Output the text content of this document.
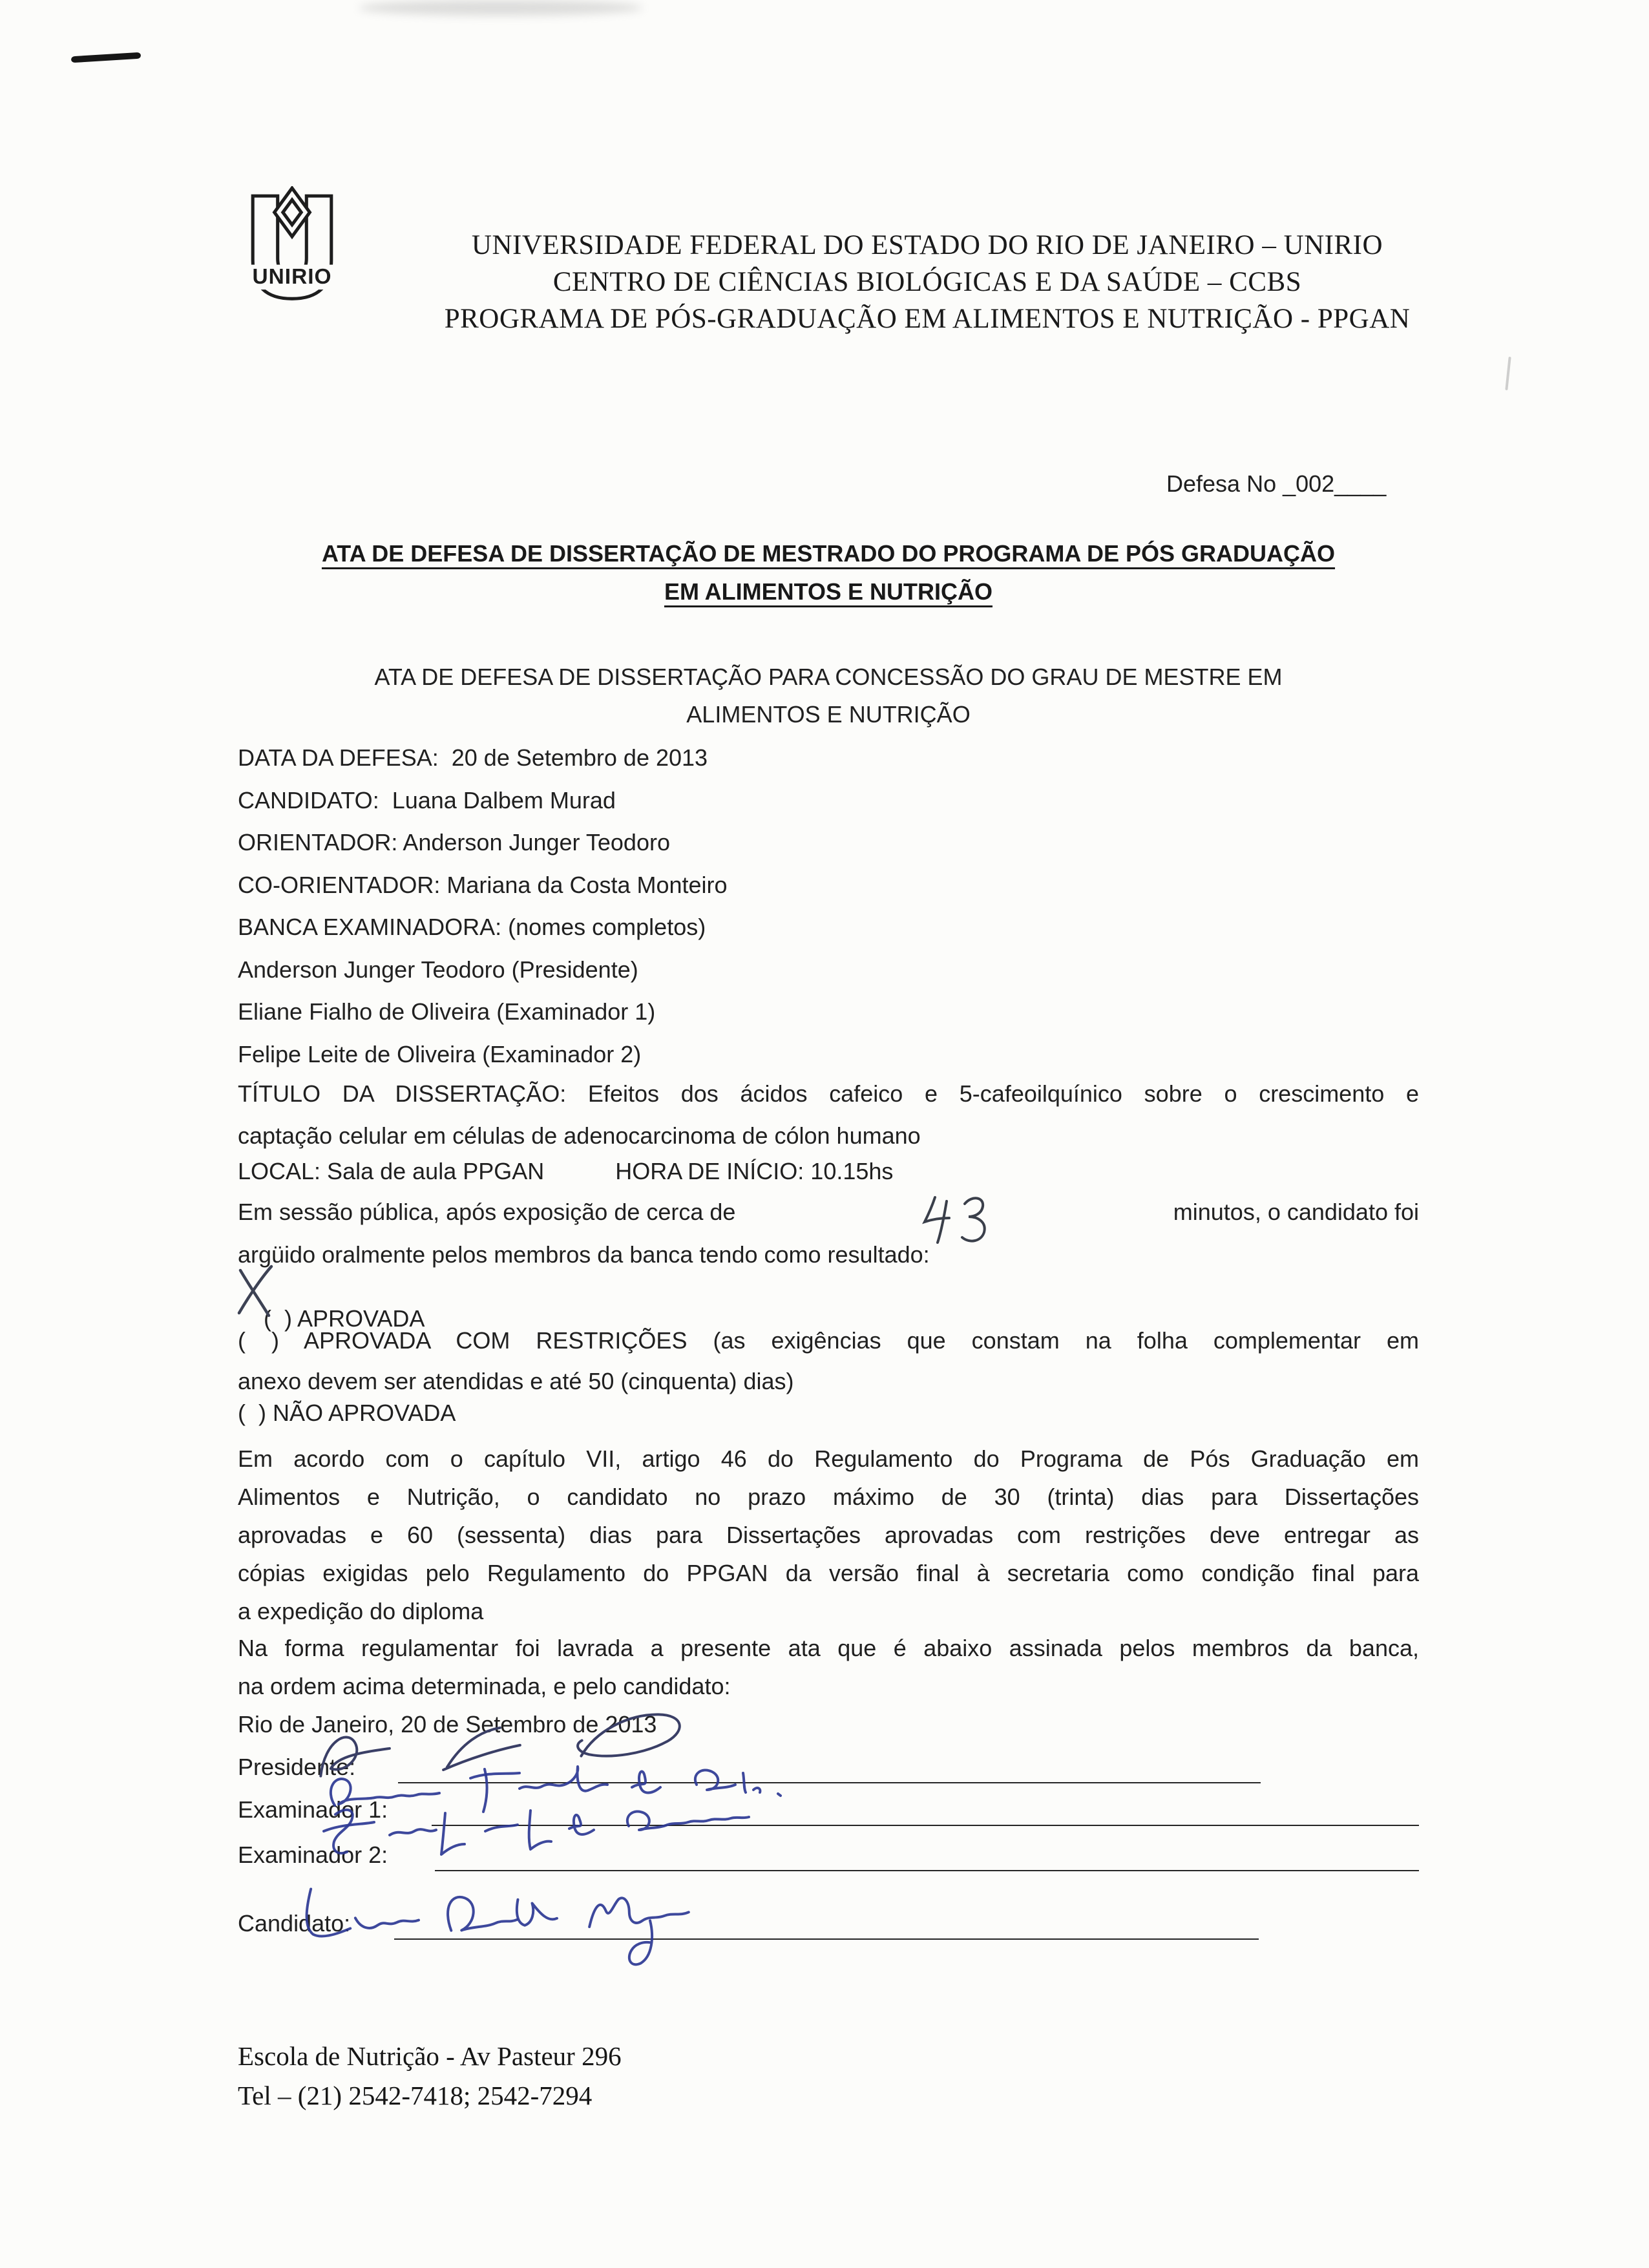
UNIRIO
UNIVERSIDADE FEDERAL DO ESTADO DO RIO DE JANEIRO – UNIRIO
CENTRO DE CIÊNCIAS BIOLÓGICAS E DA SAÚDE – CCBS
PROGRAMA DE PÓS-GRADUAÇÃO EM ALIMENTOS E NUTRIÇÃO - PPGAN
Defesa No _002____
ATA DE DEFESA DE DISSERTAÇÃO DE MESTRADO DO PROGRAMA DE PÓS GRADUAÇÃO
EM ALIMENTOS E NUTRIÇÃO
ATA DE DEFESA DE DISSERTAÇÃO PARA CONCESSÃO DO GRAU DE MESTRE EM
ALIMENTOS E NUTRIÇÃO
DATA DA DEFESA:  20 de Setembro de 2013
CANDIDATO:  Luana Dalbem Murad
ORIENTADOR: Anderson Junger Teodoro
CO-ORIENTADOR: Mariana da Costa Monteiro
BANCA EXAMINADORA: (nomes completos)
Anderson Junger Teodoro (Presidente)
Eliane Fialho de Oliveira (Examinador 1)
Felipe Leite de Oliveira (Examinador 2)
TÍTULO DA DISSERTAÇÃO: Efeitos dos ácidos cafeico e 5-cafeoilquínico sobre o crescimento e
captação celular em células de adenocarcinoma de cólon humano
LOCAL: Sala de aula PPGAN	HORA DE INÍCIO: 10.15hs
Em sessão pública, após exposição de cerca de	minutos, o candidato foi
argüido oralmente pelos membros da banca tendo como resultado:

(  ) APROVADA

( ) APROVADA COM RESTRIÇÕES (as exigências que constam na folha complementar em
anexo devem ser atendidas e até 50 (cinquenta) dias)
(  ) NÃO APROVADA
Em acordo com o capítulo VII, artigo 46 do Regulamento do Programa de Pós Graduação em
Alimentos e Nutrição, o candidato no prazo máximo de 30 (trinta) dias para Dissertações
aprovadas e 60 (sessenta) dias para Dissertações aprovadas com restrições deve entregar as
cópias exigidas pelo Regulamento do PPGAN da versão final à secretaria como condição final para
a expedição do diploma
Na forma regulamentar foi lavrada a presente ata que é abaixo assinada pelos membros da banca,
na ordem acima determinada, e pelo candidato:
Rio de Janeiro, 20 de Setembro de 2013
Presidente:
Examinador 1:
Examinador 2:
Candidato:
Escola de Nutrição - Av Pasteur 296
Tel – (21) 2542-7418; 2542-7294
